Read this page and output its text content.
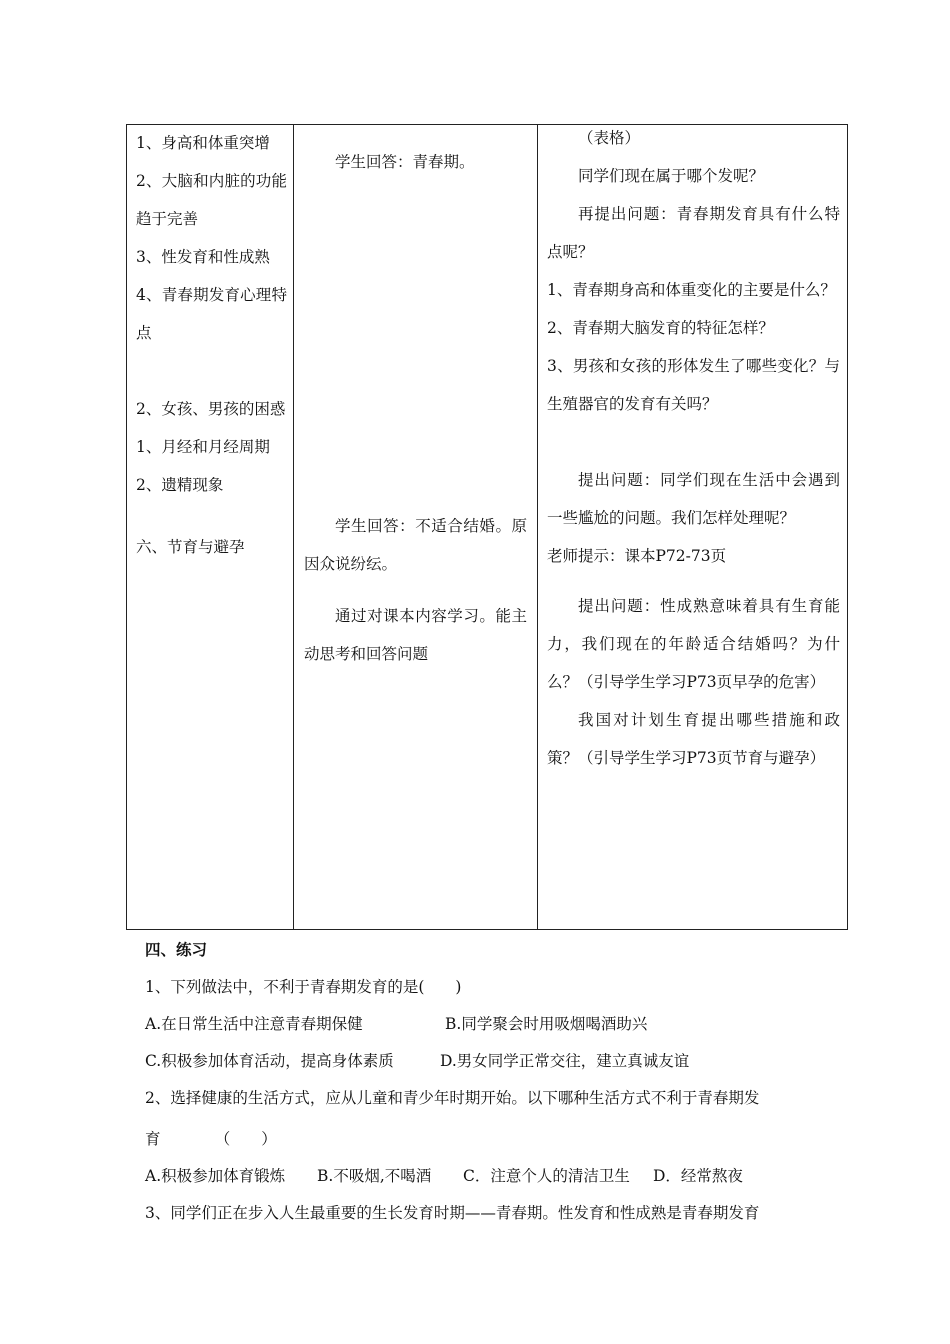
1、身高和体重突增

2、大脑和内脏的功能趋于完善

3、性发育和性成熟

4、青春期发育心理特点

2、女孩、男孩的困惑

1、月经和月经周期

2、遗精现象

六、节育与避孕

学生回答：青春期。

学生回答：不适合结婚。原因众说纷纭。

通过对课本内容学习。能主动思考和回答问题

（表格）

同学们现在属于哪个发呢？

再提出问题：青春期发育具有什么特点呢？

1、青春期身高和体重变化的主要是什么？

2、青春期大脑发育的特征怎样？

3、男孩和女孩的形体发生了哪些变化？与生殖器官的发育有关吗？

提出问题：同学们现在生活中会遇到一些尴尬的问题。我们怎样处理呢？

老师提示：课本P72-73页

提出问题：性成熟意味着具有生育能力，我们现在的年龄适合结婚吗？为什么？（引导学生学习P73页早孕的危害）

我国对计划生育提出哪些措施和政策？（引导学生学习P73页节育与避孕）

四、练习

1、下列做法中，不利于青春期发育的是(　　)

A.在日常生活中注意青春期保健	B.同学聚会时用吸烟喝酒助兴

C.积极参加体育活动，提高身体素质	D.男女同学正常交往，建立真诚友谊

2、选择健康的生活方式，应从儿童和青少年时期开始。以下哪种生活方式不利于青春期发

育　　　　（　　）

A.积极参加体育锻炼 B.不吸烟,不喝酒 C．注意个人的清洁卫生 D．经常熬夜

3、同学们正在步入人生最重要的生长发育时期——青春期。性发育和性成熟是青春期发育
